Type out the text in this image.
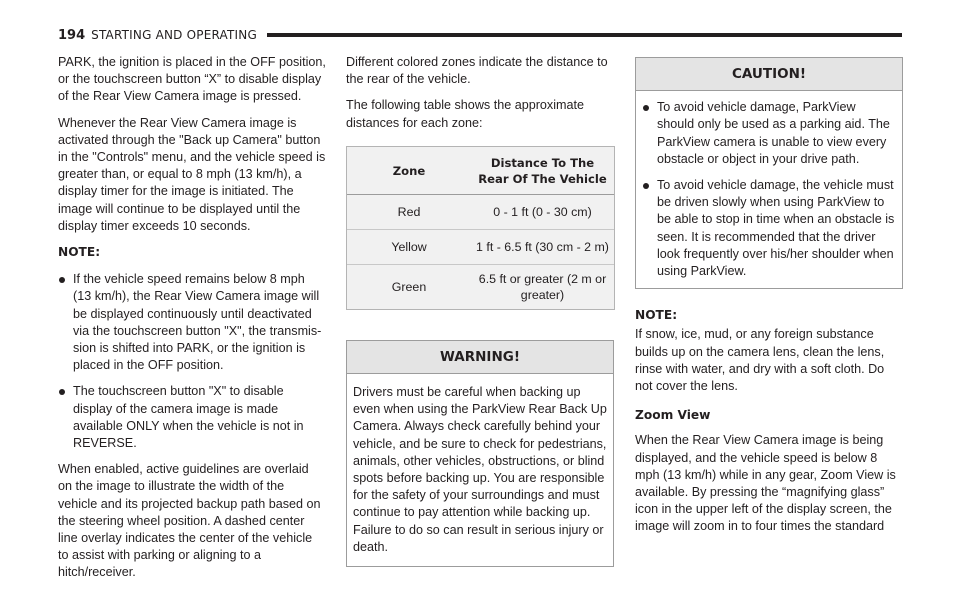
194 STARTING AND OPERATING

PARK, the ignition is placed in the OFF position, or the touchscreen button “X” to disable display of the Rear View Camera image is pressed.

Whenever the Rear View Camera image is activated through the "Back up Camera" button in the "Controls" menu, and the vehicle speed is greater than, or equal to 8 mph (13 km/h), a display timer for the image is initiated. The image will continue to be displayed until the display timer exceeds 10 seconds.

NOTE:
If the vehicle speed remains below 8 mph (13 km/h), the Rear View Camera image will be displayed continuously until deactivated via the touchscreen button "X", the transmission is shifted into PARK, or the ignition is placed in the OFF position.
The touchscreen button "X" to disable display of the camera image is made available ONLY when the vehicle is not in REVERSE.

When enabled, active guidelines are overlaid on the image to illustrate the width of the vehicle and its projected backup path based on the steering wheel position. A dashed center line overlay indicates the center of the vehicle to assist with parking or aligning to a hitch/receiver.

Different colored zones indicate the distance to the rear of the vehicle.

The following table shows the approximate distances for each zone:

Zone	Distance To The Rear Of The Vehicle
Red	0 - 1 ft (0 - 30 cm)
Yellow	1 ft - 6.5 ft (30 cm - 2 m)
Green	6.5 ft or greater (2 m or greater)
WARNING!
Drivers must be careful when backing up even when using the ParkView Rear Back Up Camera. Always check carefully behind your vehicle, and be sure to check for pedestrians, animals, other vehicles, obstructions, or blind spots before backing up. You are responsible for the safety of your surroundings and must continue to pay attention while backing up. Failure to do so can result in serious injury or death.
CAUTION!
To avoid vehicle damage, ParkView should only be used as a parking aid. The ParkView camera is unable to view every obstacle or object in your drive path.
To avoid vehicle damage, the vehicle must be driven slowly when using ParkView to be able to stop in time when an obstacle is seen. It is recommended that the driver look frequently over his/her shoulder when using ParkView.
NOTE:

If snow, ice, mud, or any foreign substance builds up on the camera lens, clean the lens, rinse with water, and dry with a soft cloth. Do not cover the lens.

Zoom View

When the Rear View Camera image is being displayed, and the vehicle speed is below 8 mph (13 km/h) while in any gear, Zoom View is available. By pressing the “magnifying glass” icon in the upper left of the display screen, the image will zoom in to four times the standard
